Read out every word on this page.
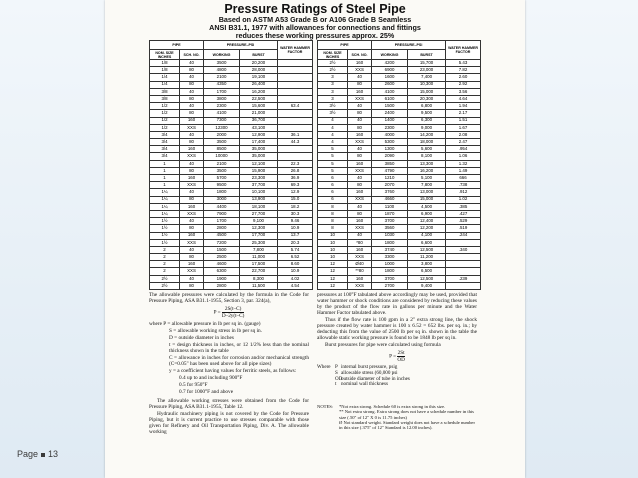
Pressure Ratings of Steel Pipe
Based on ASTM A53 Grade B or A106 Grade B Seamless
ANSI B31.1, 1977 with allowances for connections and fittings
reduces these working pressures approx. 25%
PIPE		PRESSURE–PSI		WATER HAMMER FACTOR
NOM. SIZE INCHES	SCH. NO.	WORKING	BURST	
1/8	40	3500	20,200	
1/8	80	4800	28,000	
1/4	40	2100	19,100	
1/4	80	4350	26,400	
3/8	40	1700	16,200	
3/8	80	3800	22,500	
1/2	40	2300	15,600	63.4
1/2	80	4100	21,000	
1/2	160	7300	36,700	
1/2	XXS	12300	43,100	
3/4	40	2000	12,900	36.1
3/4	80	3500	17,400	44.3
3/4	160	8500	35,000	
3/4	XXS	10000	35,000	
1	40	2100	12,100	22.3
1	80	3500	15,900	26.8
1	160	5700	23,300	36.9
1	XXS	9500	37,700	69.3
1¼	40	1800	10,100	12.9
1¼	80	3000	13,900	15.0
1¼	160	4400	18,100	18.2
1¼	XXS	7900	27,700	30.3
1½	40	1700	9,100	9.46
1½	80	2800	12,300	10.9
1½	160	4500	17,700	13.7
1½	XXS	7200	25,300	20.3
2	40	1500	7,800	5.74
2	80	2500	11,000	6.52
2	160	4600	17,500	8.60
2	XXS	6300	22,700	10.9
2½	40	1900	8,300	4.02
2½	80	2800	11,500	4.54
PIPE		PRESSURE–PSI		WATER HAMMER FACTOR
NOM. SIZE INCHES	SCH. NO.	WORKING	BURST	
2½	160	4200	15,700	5.43
2½	XXS	6900	23,000	7.82
3	40	1600	7,400	2.60
3	80	2600	10,300	2.92
3	160	4100	15,000	3.56
3	XXS	6100	20,300	4.64
3½	40	1500	6,800	1.94
3½	80	2400	9,500	2.17
4	40	1400	6,300	1.51
4	80	2300	9,000	1.67
4	160	4000	14,200	2.08
4	XXS	5300	18,000	2.47
5	40	1300	5,600	.954
5	80	2090	8,100	1.06
5	160	3850	13,300	1.32
5	XXS	4790	16,200	1.49
6	40	1210	5,100	666
6	80	2070	7,800	.738
6	160	3760	13,000	.912
6	XXS	4660	15,000	1.02
8	40	1100	4,500	.385
8	80	1870	6,900	.427
8	160	3700	12,400	.529
8	XXS	3560	12,200	.519
10	40	1030	4,100	.244
10	*80	1800	6,600	
10	160	3740	12,500	.340
10	XXS	3300	11,200	
12	Ø40	1000	3,800	
12	**80	1800	6,500	
12	160	3700	12,500	.239
12	XXS	2700	9,400	

The allowable pressures were calculated by the formula in the Code for Pressure Piping, ASA B31.1-1955, Section 3, par. 324(a),

$P = \frac{2S(t-C)}{D-2y(t-C)}$

where P = allowable pressure in lb per sq in. (gauge)

S = allowable working stress in lb per sq in.

D = outside diameter in inches

t = design thickness in inches, or 12 1/2% less than the nominal thickness shown in the table

C = allowance in inches for corrosion and/or mechanical strength (C=0.05" has been used above for all pipe sizes)

y = a coefficient having values for ferritic steels, as follows:

0.4 up to and including 900°F

0.5 for 950°F

0.7 for 1000°F and above

The allowable working stresses were obtained from the Code for Pressure Piping, ASA B31.1-1955, Table 12.

Hydraulic machinery piping is not covered by the Code for Pressure Piping, but it is current practice to use stresses comparable with those given for Refinery and Oil Transportation Piping, Div. A. The allowable working

pressures at 100°F tabulated above accordingly may be used, provided that water hammer or shock conditions are considered by reducing these values by the product of the flow rate in gallons per minute and the Water Hammer Factor tabulated above.

Thus if the flow rate is 100 gpm in a 2" extra strong line, the shock pressure created by water hammer is 100 x 6.52 = 652 lbs. per sq. in.; by deducting this from the value of 2500 lb per sq in. shown in the table the allowable static working pressure is found to be 1848 lb per sq in.

Burst pressures for pipe were calculated using formula

$P = \frac{2St}{OD}$
Where P internal burst pressure, psig
S allowable stress (60,000 psi
OD
outside diameter of tube in inches
t nominal wall thickness
NOTES:	*Not extra strong. Schedule 60 is extra strong in this size.
** Not extra strong. Extra strong does not have a schedule number in this size (.50" of 12" X 0 is 11.75 inches)
Ø Not standard weight. Standard weight does not have a schedule number in this size (.375" of 12" Standard is 12.00 inches).
Page 13
